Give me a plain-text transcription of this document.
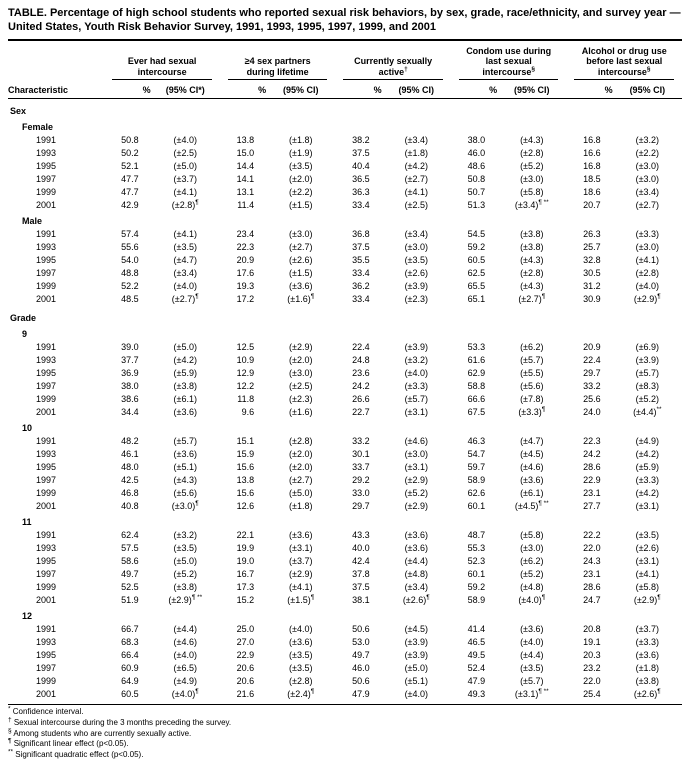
TABLE. Percentage of high school students who reported sexual risk behaviors, by sex, grade, race/ethnicity, and survey year — United States, Youth Risk Behavior Survey, 1991, 1993, 1995, 1997, 1999, and 2001

	Ever had sexual intercourse		≥4 sex partners during lifetime		Currently sexually active†		Condom use during last sexual intercourse§		Alcohol or drug use before last sexual intercourse§

Characteristic	%	(95% CI*)	%	(95% CI)	%	(95% CI)	%	(95% CI)	%	(95% CI)
Sex										
Female										
1991	50.8	(±4.0)	13.8	(±1.8)	38.2	(±3.4)	38.0	(±4.3)	16.8	(±3.2)
1993	50.2	(±2.5)	15.0	(±1.9)	37.5	(±1.8)	46.0	(±2.8)	16.6	(±2.2)
1995	52.1	(±5.0)	14.4	(±3.5)	40.4	(±4.2)	48.6	(±5.2)	16.8	(±3.0)
1997	47.7	(±3.7)	14.1	(±2.0)	36.5	(±2.7)	50.8	(±3.0)	18.5	(±3.0)
1999	47.7	(±4.1)	13.1	(±2.2)	36.3	(±4.1)	50.7	(±5.8)	18.6	(±3.4)
2001	42.9	(±2.8)¶	11.4	(±1.5)	33.4	(±2.5)	51.3	(±3.4)¶ **	20.7	(±2.7)
Male										
1991	57.4	(±4.1)	23.4	(±3.0)	36.8	(±3.4)	54.5	(±3.8)	26.3	(±3.3)
1993	55.6	(±3.5)	22.3	(±2.7)	37.5	(±3.0)	59.2	(±3.8)	25.7	(±3.0)
1995	54.0	(±4.7)	20.9	(±2.6)	35.5	(±3.5)	60.5	(±4.3)	32.8	(±4.1)
1997	48.8	(±3.4)	17.6	(±1.5)	33.4	(±2.6)	62.5	(±2.8)	30.5	(±2.8)
1999	52.2	(±4.0)	19.3	(±3.6)	36.2	(±3.9)	65.5	(±4.3)	31.2	(±4.0)
2001	48.5	(±2.7)¶	17.2	(±1.6)¶	33.4	(±2.3)	65.1	(±2.7)¶	30.9	(±2.9)¶
Grade										
9										
1991	39.0	(±5.0)	12.5	(±2.9)	22.4	(±3.9)	53.3	(±6.2)	20.9	(±6.9)
1993	37.7	(±4.2)	10.9	(±2.0)	24.8	(±3.2)	61.6	(±5.7)	22.4	(±3.9)
1995	36.9	(±5.9)	12.9	(±3.0)	23.6	(±4.0)	62.9	(±5.5)	29.7	(±5.7)
1997	38.0	(±3.8)	12.2	(±2.5)	24.2	(±3.3)	58.8	(±5.6)	33.2	(±8.3)
1999	38.6	(±6.1)	11.8	(±2.3)	26.6	(±5.7)	66.6	(±7.8)	25.6	(±5.2)
2001	34.4	(±3.6)	9.6	(±1.6)	22.7	(±3.1)	67.5	(±3.3)¶	24.0	(±4.4)**
10										
1991	48.2	(±5.7)	15.1	(±2.8)	33.2	(±4.6)	46.3	(±4.7)	22.3	(±4.9)
1993	46.1	(±3.6)	15.9	(±2.0)	30.1	(±3.0)	54.7	(±4.5)	24.2	(±4.2)
1995	48.0	(±5.1)	15.6	(±2.0)	33.7	(±3.1)	59.7	(±4.6)	28.6	(±5.9)
1997	42.5	(±4.3)	13.8	(±2.7)	29.2	(±2.9)	58.9	(±3.6)	22.9	(±3.3)
1999	46.8	(±5.6)	15.6	(±5.0)	33.0	(±5.2)	62.6	(±6.1)	23.1	(±4.2)
2001	40.8	(±3.0)¶	12.6	(±1.8)	29.7	(±2.9)	60.1	(±4.5)¶ **	27.7	(±3.1)
11										
1991	62.4	(±3.2)	22.1	(±3.6)	43.3	(±3.6)	48.7	(±5.8)	22.2	(±3.5)
1993	57.5	(±3.5)	19.9	(±3.1)	40.0	(±3.6)	55.3	(±3.0)	22.0	(±2.6)
1995	58.6	(±5.0)	19.0	(±3.7)	42.4	(±4.4)	52.3	(±6.2)	24.3	(±3.1)
1997	49.7	(±5.2)	16.7	(±2.9)	37.8	(±4.8)	60.1	(±5.2)	23.1	(±4.1)
1999	52.5	(±3.8)	17.3	(±4.1)	37.5	(±3.4)	59.2	(±4.8)	28.6	(±5.8)
2001	51.9	(±2.9)¶ **	15.2	(±1.5)¶	38.1	(±2.6)¶	58.9	(±4.0)¶	24.7	(±2.9)¶
12										
1991	66.7	(±4.4)	25.0	(±4.0)	50.6	(±4.5)	41.4	(±3.6)	20.8	(±3.7)
1993	68.3	(±4.6)	27.0	(±3.6)	53.0	(±3.9)	46.5	(±4.0)	19.1	(±3.3)
1995	66.4	(±4.0)	22.9	(±3.5)	49.7	(±3.9)	49.5	(±4.4)	20.3	(±3.6)
1997	60.9	(±6.5)	20.6	(±3.5)	46.0	(±5.0)	52.4	(±3.5)	23.2	(±1.8)
1999	64.9	(±4.9)	20.6	(±2.8)	50.6	(±5.1)	47.9	(±5.7)	22.0	(±3.8)
2001	60.5	(±4.0)¶	21.6	(±2.4)¶	47.9	(±4.0)	49.3	(±3.1)¶ **	25.4	(±2.6)¶
* Confidence interval.
† Sexual intercourse during the 3 months preceding the survey.
§ Among students who are currently sexually active.
¶ Significant linear effect (p<0.05).
** Significant quadratic effect (p<0.05).
